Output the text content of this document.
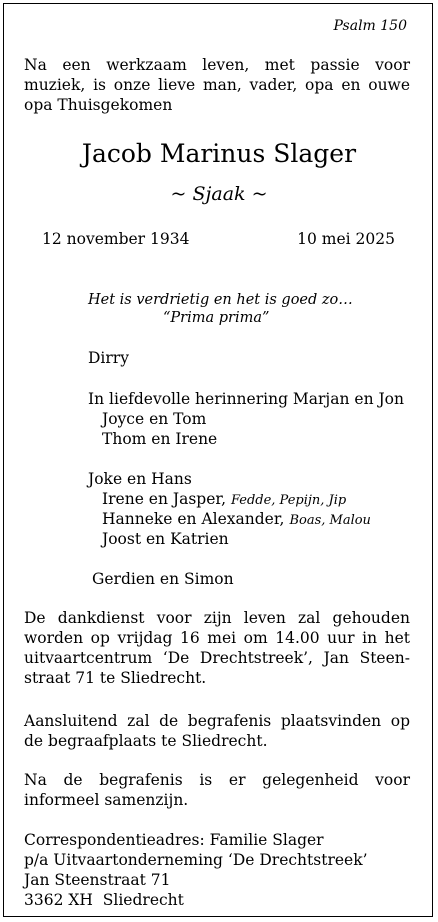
Psalm 150
Na een werkzaam leven, met passie voor
muziek, is onze lieve man, vader, opa en ouwe
opa Thuisgekomen
Jacob Marinus Slager
~ Sjaak ~
12 november 1934	10 mei 2025
Het is verdrietig en het is goed zo…
“Prima prima”
Dirry
In liefdevolle herinnering Marjan en Jon
Joyce en Tom
Thom en Irene
Joke en Hans
Irene en Jasper, Fedde, Pepijn, Jip
Hanneke en Alexander, Boas, Malou
Joost en Katrien
Gerdien en Simon
De dankdienst voor zijn leven zal gehouden
worden op vrijdag 16 mei om 14.00 uur in het
uitvaartcentrum ‘De Drechtstreek’, Jan Steen-
straat 71 te Sliedrecht.
Aansluitend zal de begrafenis plaatsvinden op
de begraafplaats te Sliedrecht.
Na de begrafenis is er gelegenheid voor
informeel samenzijn.
Correspondentieadres: Familie Slager
p/a Uitvaartonderneming ‘De Drechtstreek’
Jan Steenstraat 71
3362 XH  Sliedrecht
